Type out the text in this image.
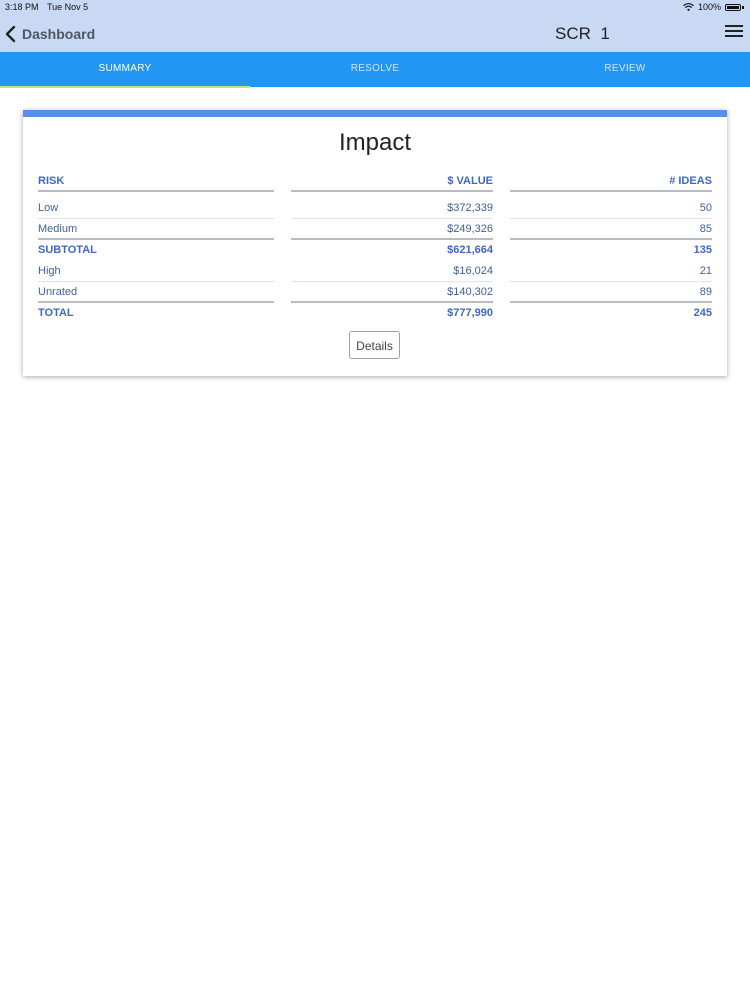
3:18 PM Tue Nov 5	100%
Dashboard	SCR  1
SUMMARY	RESOLVE	REVIEW
Impact
RISK	$ VALUE	# IDEAS
Low	$372,339	50
Medium	$249,326	85
SUBTOTAL	$621,664	135
High	$16,024	21
Unrated	$140,302	89
TOTAL	$777,990	245
Details
